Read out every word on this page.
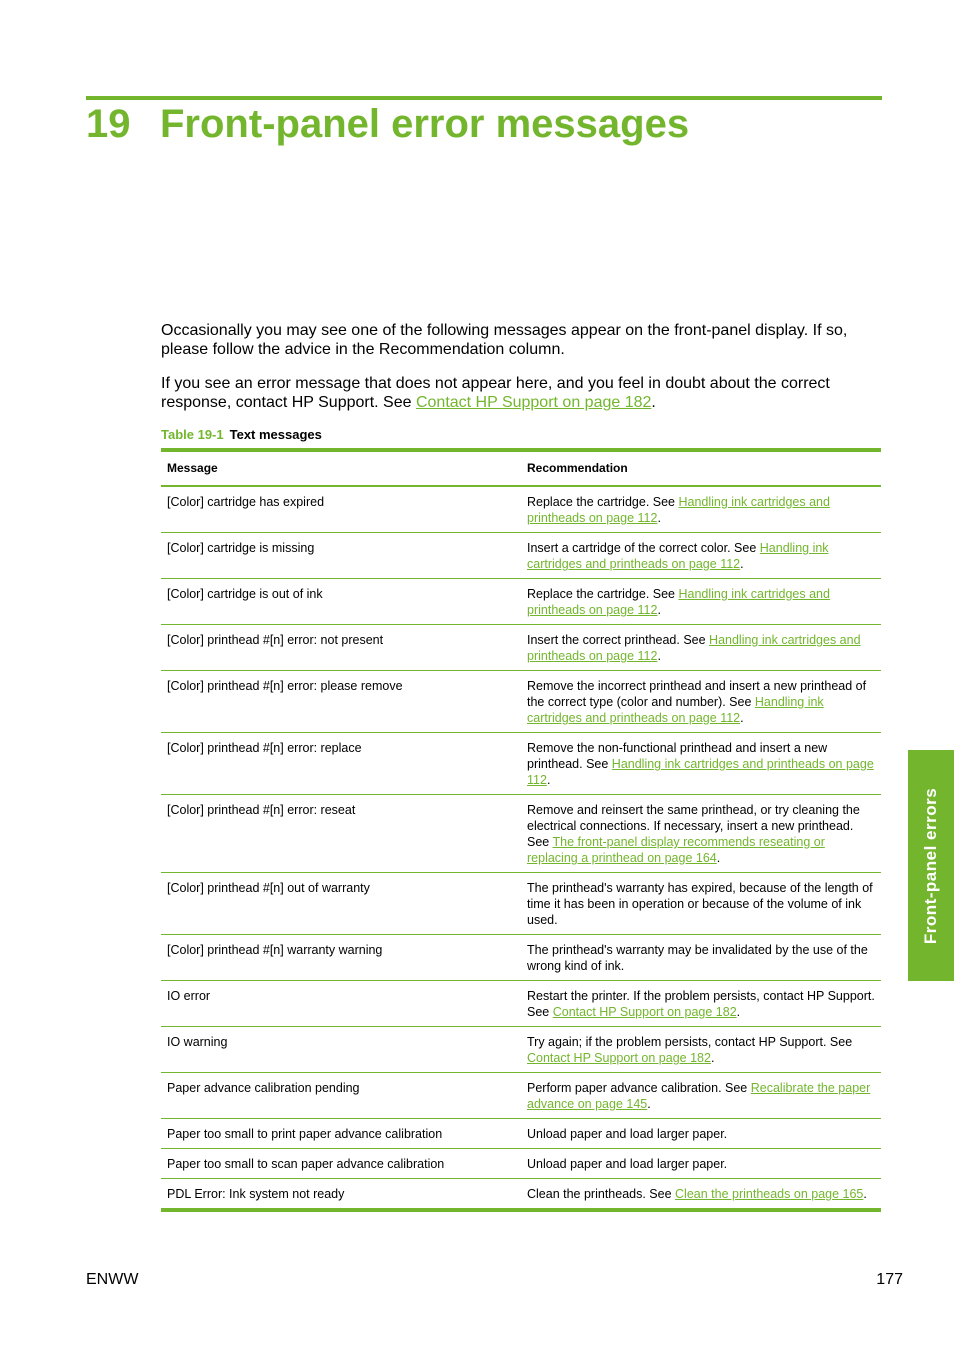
19 Front-panel error messages

Occasionally you may see one of the following messages appear on the front-panel display. If so, please follow the advice in the Recommendation column.

If you see an error message that does not appear here, and you feel in doubt about the correct response, contact HP Support. See Contact HP Support on page 182.

Table 19-1 Text messages

Message	Recommendation
[Color] cartridge has expired	Replace the cartridge. See Handling ink cartridges and printheads on page 112.
[Color] cartridge is missing	Insert a cartridge of the correct color. See Handling ink cartridges and printheads on page 112.
[Color] cartridge is out of ink	Replace the cartridge. See Handling ink cartridges and printheads on page 112.
[Color] printhead #[n] error: not present	Insert the correct printhead. See Handling ink cartridges and printheads on page 112.
[Color] printhead #[n] error: please remove	Remove the incorrect printhead and insert a new printhead of the correct type (color and number). See Handling ink cartridges and printheads on page 112.
[Color] printhead #[n] error: replace	Remove the non-functional printhead and insert a new printhead. See Handling ink cartridges and printheads on page 112.
[Color] printhead #[n] error: reseat	Remove and reinsert the same printhead, or try cleaning the electrical connections. If necessary, insert a new printhead. See The front-panel display recommends reseating or replacing a printhead on page 164.
[Color] printhead #[n] out of warranty	The printhead's warranty has expired, because of the length of time it has been in operation or because of the volume of ink used.
[Color] printhead #[n] warranty warning	The printhead's warranty may be invalidated by the use of the wrong kind of ink.
IO error	Restart the printer. If the problem persists, contact HP Support. See Contact HP Support on page 182.
IO warning	Try again; if the problem persists, contact HP Support. See Contact HP Support on page 182.
Paper advance calibration pending	Perform paper advance calibration. See Recalibrate the paper advance on page 145.
Paper too small to print paper advance calibration	Unload paper and load larger paper.
Paper too small to scan paper advance calibration	Unload paper and load larger paper.
PDL Error: Ink system not ready	Clean the printheads. See Clean the printheads on page 165.
Front-panel errors
ENWW	177
